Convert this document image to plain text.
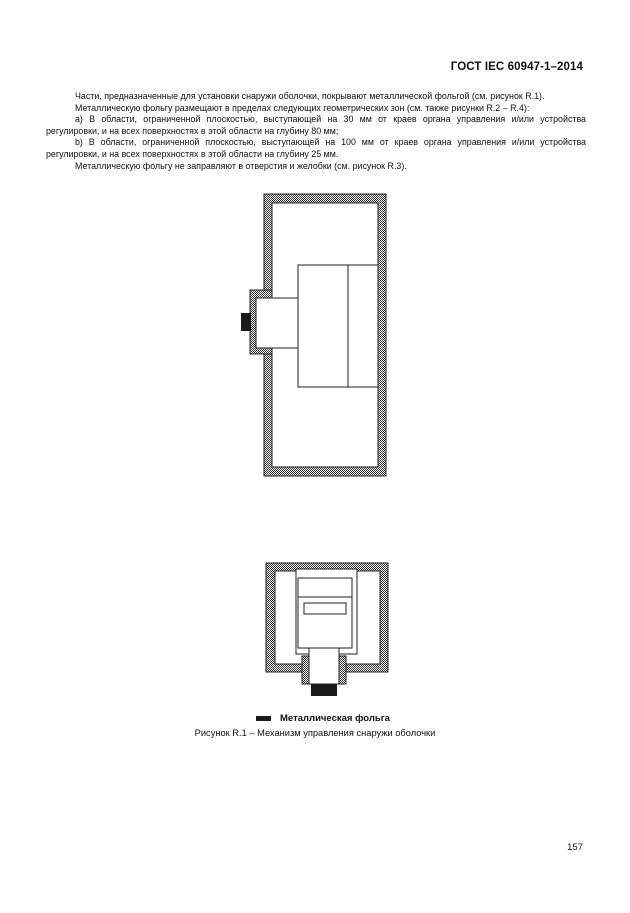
ГОСТ IEC 60947-1–2014

Части, предназначенные для установки снаружи оболочки, покрывают металлической фольгой (см. рисунок R.1).

Металлическую фольгу размещают в пределах следующих геометрических зон (см. также рисунки R.2 – R.4):

а) В области, ограниченной плоскостью, выступающей на 30 мм от краев органа управления и/или устройства регулировки, и на всех поверхностях в этой области на глубину 80 мм;

b) В области, ограниченной плоскостью, выступающей на 100 мм от краев органа управления и/или устройства регулировки, и на всех поверхностях в этой области на глубину 25 мм.

Металлическую фольгу не заправляют в отверстия и желобки (см. рисунок R.3).

Металлическая фольга
Рисунок R.1 – Механизм управления снаружи оболочки
157
